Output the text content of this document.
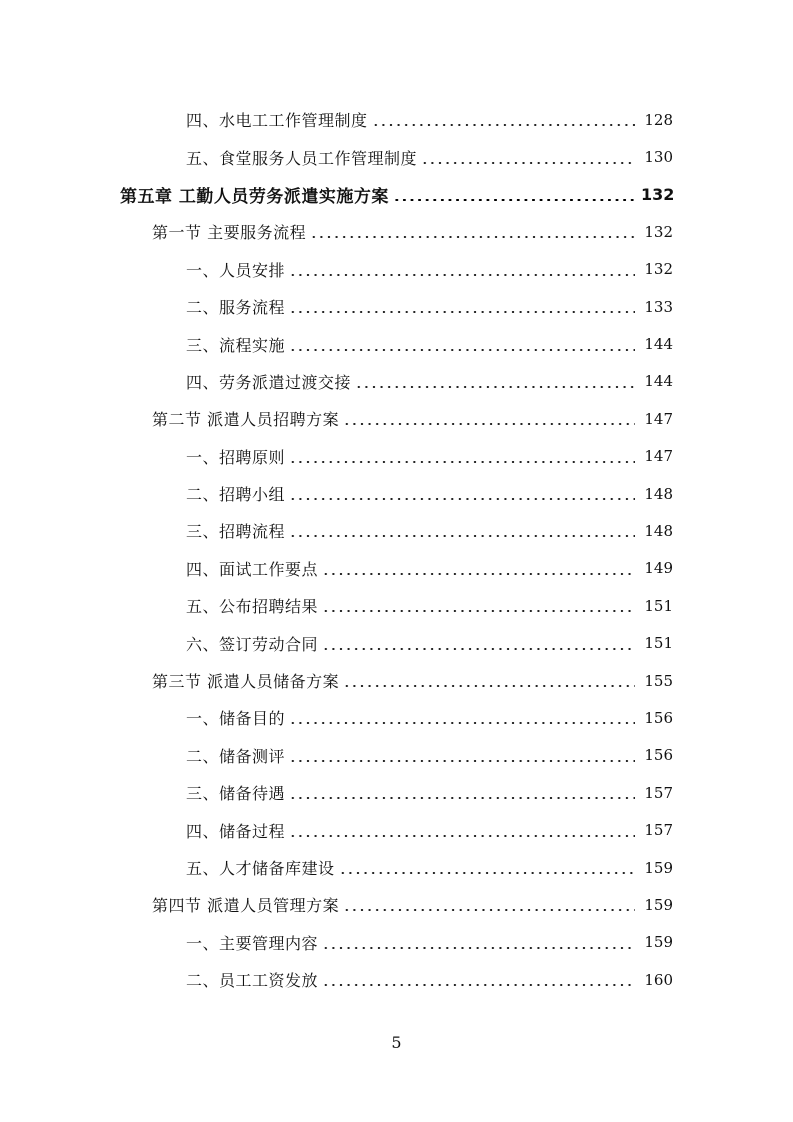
四、水电工工作管理制度	128
五、食堂服务人员工作管理制度	130
第五章 工勤人员劳务派遣实施方案	132
第一节 主要服务流程	132
一、人员安排	132
二、服务流程	133
三、流程实施	144
四、劳务派遣过渡交接	144
第二节 派遣人员招聘方案	147
一、招聘原则	147
二、招聘小组	148
三、招聘流程	148
四、面试工作要点	149
五、公布招聘结果	151
六、签订劳动合同	151
第三节 派遣人员储备方案	155
一、储备目的	156
二、储备测评	156
三、储备待遇	157
四、储备过程	157
五、人才储备库建设	159
第四节 派遣人员管理方案	159
一、主要管理内容	159
二、员工工资发放	160
5
